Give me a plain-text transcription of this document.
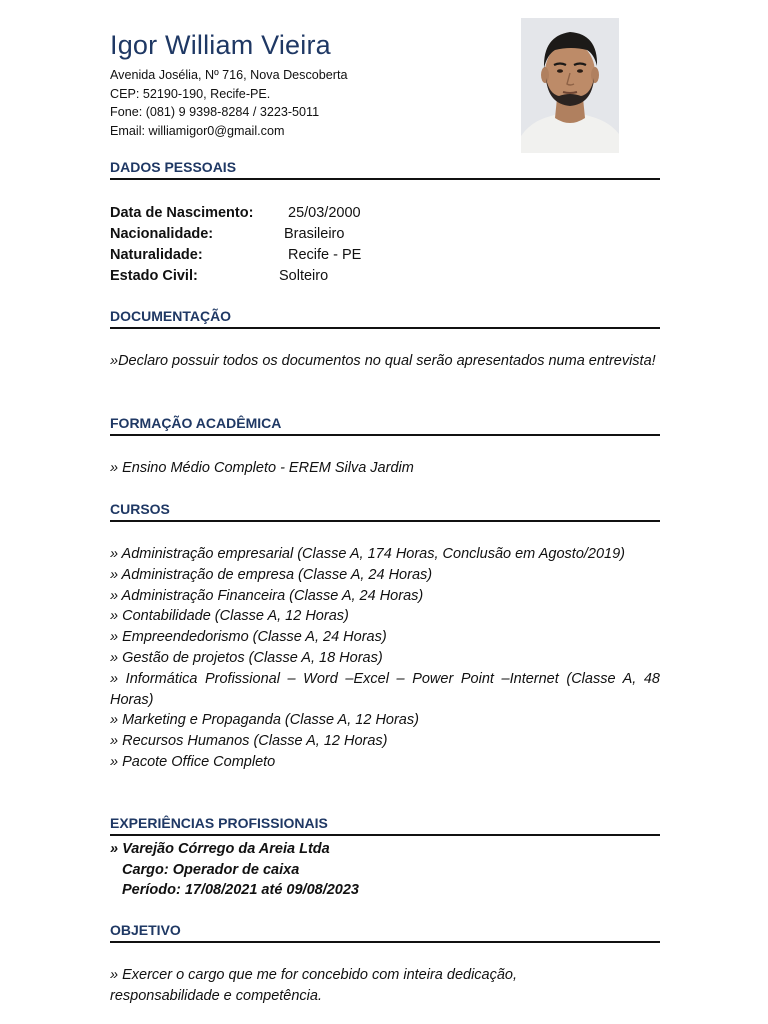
Igor William Vieira
Avenida Josélia, Nº 716, Nova Descoberta
CEP: 52190-190, Recife-PE.
Fone: (081) 9 9398-8284 / 3223-5011
Email: williamigor0@gmail.com
DADOS PESSOAIS
Data de Nascimento: 25/03/2000
Nacionalidade:	Brasileiro
Naturalidade:	Recife - PE
Estado Civil:	Solteiro
DOCUMENTAÇÃO
»Declaro possuir todos os documentos no qual serão apresentados numa entrevista!
FORMAÇÃO ACADÊMICA
» Ensino Médio Completo - EREM Silva Jardim
CURSOS
» Administração empresarial (Classe A, 174 Horas, Conclusão em Agosto/2019)
» Administração de empresa (Classe A, 24 Horas)
» Administração Financeira (Classe A, 24 Horas)
» Contabilidade (Classe A, 12 Horas)
» Empreendedorismo (Classe A, 24 Horas)
» Gestão de projetos (Classe A, 18 Horas)
» Informática Profissional – Word –Excel – Power Point –Internet (Classe A, 48 Horas)
» Marketing e Propaganda (Classe A, 12 Horas)
» Recursos Humanos (Classe A, 12 Horas)
» Pacote Office Completo
EXPERIÊNCIAS PROFISSIONAIS
» Varejão Córrego da Areia Ltda
Cargo: Operador de caixa
Período: 17/08/2021 até 09/08/2023
OBJETIVO
» Exercer o cargo que me for concebido com inteira dedicação, responsabilidade e competência.
